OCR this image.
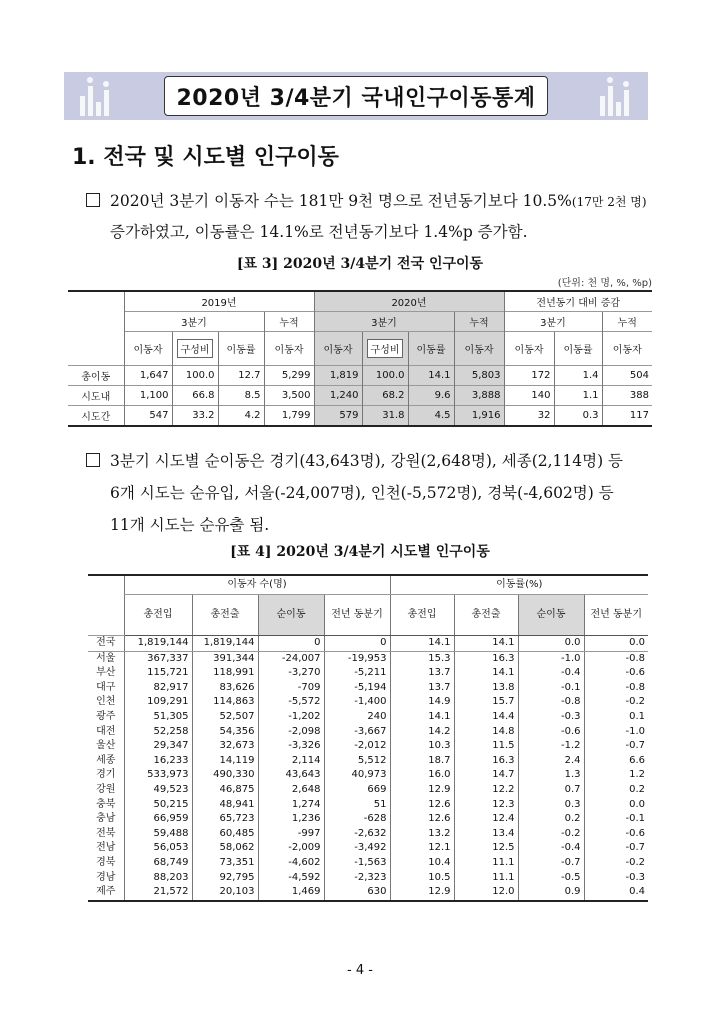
2020년 3/4분기 국내인구이동통계
1. 전국 및 시도별 인구이동
2020년 3분기 이동자 수는 181만 9천 명으로 전년동기보다 10.5%(17만 2천 명)
증가하였고, 이동률은 14.1%로 전년동기보다 1.4%p 증가함.
[표 3] 2020년 3/4분기 전국 인구이동
(단위: 천 명, %, %p)
	2019년				2020년				전년동기 대비 증감		
	3분기			누적	3분기			누적	3분기		누적
	이동자	구성비	이동률	이동자	이동자	구성비	이동률	이동자	이동자	이동률	이동자
총이동	1,647	100.0	12.7	5,299	1,819	100.0	14.1	5,803	172	1.4	504
시도내	1,100	66.8	8.5	3,500	1,240	68.2	9.6	3,888	140	1.1	388
시도간	547	33.2	4.2	1,799	579	31.8	4.5	1,916	32	0.3	117
3분기 시도별 순이동은 경기(43,643명), 강원(2,648명), 세종(2,114명) 등
6개 시도는 순유입, 서울(-24,007명), 인천(-5,572명), 경북(-4,602명) 등
11개 시도는 순유출 됨.
[표 4] 2020년 3/4분기 시도별 인구이동
	이동자 수(명)				이동률(%)			
	총전입	총전출	순이동	전년 동분기	총전입	총전출	순이동	전년 동분기
전국	1,819,144	1,819,144	0	0	14.1	14.1	0.0	0.0
서울	367,337	391,344	-24,007	-19,953	15.3	16.3	-1.0	-0.8
부산	115,721	118,991	-3,270	-5,211	13.7	14.1	-0.4	-0.6
대구	82,917	83,626	-709	-5,194	13.7	13.8	-0.1	-0.8
인천	109,291	114,863	-5,572	-1,400	14.9	15.7	-0.8	-0.2
광주	51,305	52,507	-1,202	240	14.1	14.4	-0.3	0.1
대전	52,258	54,356	-2,098	-3,667	14.2	14.8	-0.6	-1.0
울산	29,347	32,673	-3,326	-2,012	10.3	11.5	-1.2	-0.7
세종	16,233	14,119	2,114	5,512	18.7	16.3	2.4	6.6
경기	533,973	490,330	43,643	40,973	16.0	14.7	1.3	1.2
강원	49,523	46,875	2,648	669	12.9	12.2	0.7	0.2
충북	50,215	48,941	1,274	51	12.6	12.3	0.3	0.0
충남	66,959	65,723	1,236	-628	12.6	12.4	0.2	-0.1
전북	59,488	60,485	-997	-2,632	13.2	13.4	-0.2	-0.6
전남	56,053	58,062	-2,009	-3,492	12.1	12.5	-0.4	-0.7
경북	68,749	73,351	-4,602	-1,563	10.4	11.1	-0.7	-0.2
경남	88,203	92,795	-4,592	-2,323	10.5	11.1	-0.5	-0.3
제주	21,572	20,103	1,469	630	12.9	12.0	0.9	0.4
- 4 -
